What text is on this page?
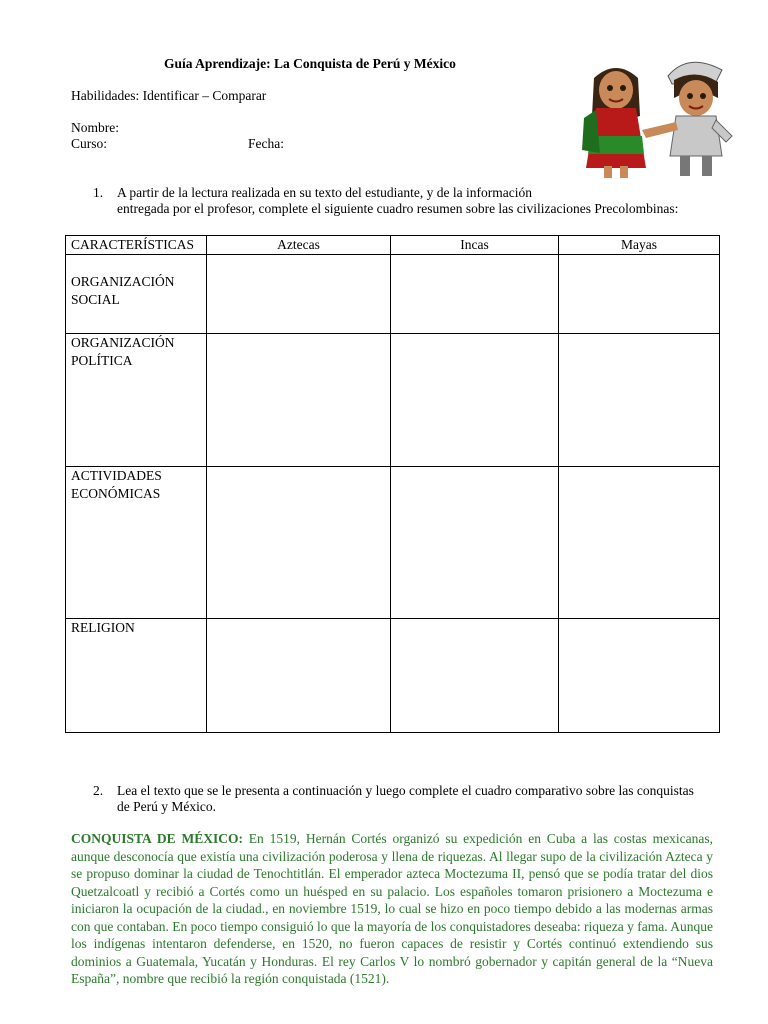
Guía Aprendizaje: La Conquista de Perú y México
Habilidades: Identificar – Comparar
Nombre:
Curso:	Fecha:
1. A partir de la lectura realizada en su texto del estudiante, y de la información
entregada por el profesor, complete el siguiente cuadro resumen sobre las civilizaciones Precolombinas:
CARACTERÍSTICAS	Aztecas	Incas	Mayas

ORGANIZACIÓN
SOCIAL			

ORGANIZACIÓN
POLÍTICA			

ACTIVIDADES
ECONÓMICAS			

RELIGION			

2. Lea el texto que se le presenta a continuación y luego complete el cuadro comparativo sobre las conquistas
de Perú y México.
CONQUISTA DE MÉXICO: En 1519, Hernán Cortés organizó su expedición en Cuba a las costas mexicanas, aunque desconocía que existía una civilización poderosa y llena de riquezas. Al llegar supo de la civilización Azteca y se propuso dominar la ciudad de Tenochtitlán. El emperador azteca Moctezuma II, pensó que se podía tratar del dios Quetzalcoatl y recibió a Cortés como un huésped en su palacio. Los españoles tomaron prisionero a Moctezuma e iniciaron la ocupación de la ciudad., en noviembre 1519, lo cual se hizo en poco tiempo debido a las modernas armas con que contaban. En poco tiempo consiguió lo que la mayoría de los conquistadores deseaba: riqueza y fama. Aunque los indígenas intentaron defenderse, en 1520, no fueron capaces de resistir y Cortés continuó extendiendo sus dominios a Guatemala, Yucatán y Honduras. El rey Carlos V lo nombró gobernador y capitán general de la “Nueva España”, nombre que recibió la región conquistada (1521).
